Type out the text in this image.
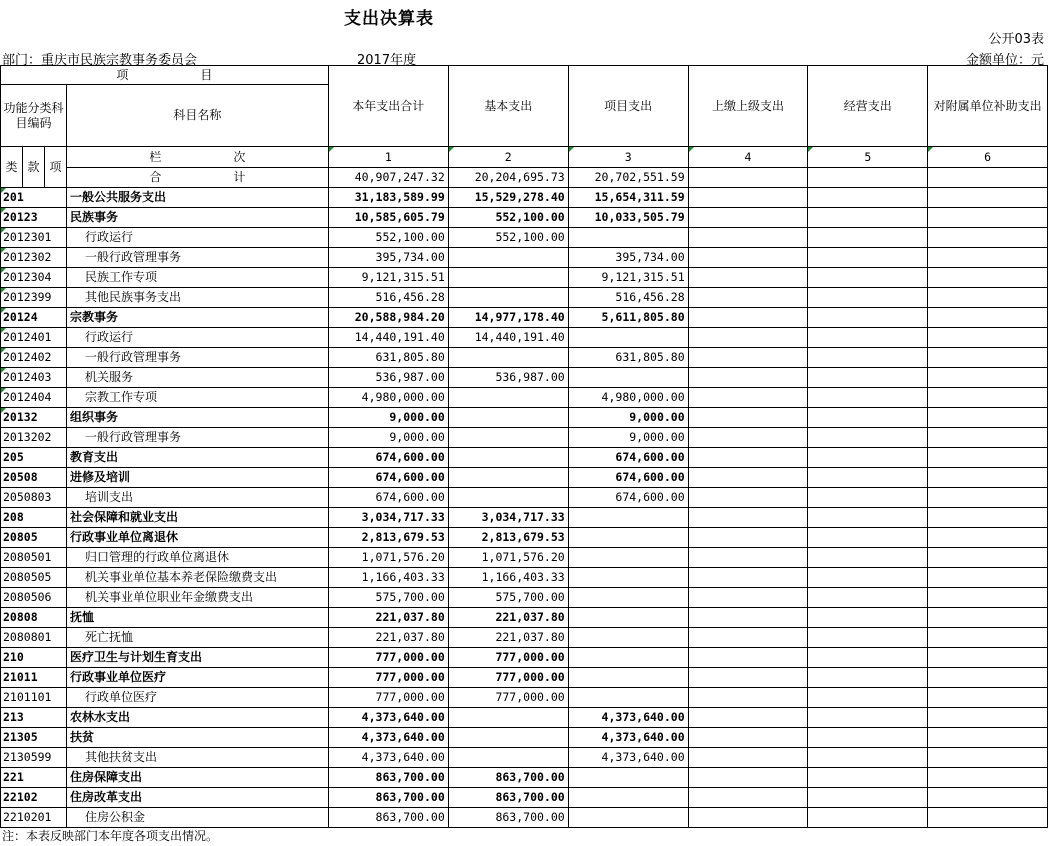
支出决算表
公开03表
部门：重庆市民族宗教事务委员会	2017年度	金额单位：元
项　　　　　　目				本年支出合计	基本支出	项目支出	上缴上级支出	经营支出	对附属单位补助支出
功能分类科目编码			科目名称						
类	款	项	栏　　　　　　次	1	2	3	4	5	6
			合　　　　　　计	40,907,247.32	20,204,695.73	20,702,551.59			
201			一般公共服务支出	31,183,589.99	15,529,278.40	15,654,311.59			
20123			民族事务	10,585,605.79	552,100.00	10,033,505.79			
2012301			行政运行	552,100.00	552,100.00				
2012302			一般行政管理事务	395,734.00		395,734.00			
2012304			民族工作专项	9,121,315.51		9,121,315.51			
2012399			其他民族事务支出	516,456.28		516,456.28			
20124			宗教事务	20,588,984.20	14,977,178.40	5,611,805.80			
2012401			行政运行	14,440,191.40	14,440,191.40				
2012402			一般行政管理事务	631,805.80		631,805.80			
2012403			机关服务	536,987.00	536,987.00				
2012404			宗教工作专项	4,980,000.00		4,980,000.00			
20132			组织事务	9,000.00		9,000.00			
2013202			一般行政管理事务	9,000.00		9,000.00			
205			教育支出	674,600.00		674,600.00			
20508			进修及培训	674,600.00		674,600.00			
2050803			培训支出	674,600.00		674,600.00			
208			社会保障和就业支出	3,034,717.33	3,034,717.33				
20805			行政事业单位离退休	2,813,679.53	2,813,679.53				
2080501			归口管理的行政单位离退休	1,071,576.20	1,071,576.20				
2080505			机关事业单位基本养老保险缴费支出	1,166,403.33	1,166,403.33				
2080506			机关事业单位职业年金缴费支出	575,700.00	575,700.00				
20808			抚恤	221,037.80	221,037.80				
2080801			死亡抚恤	221,037.80	221,037.80				
210			医疗卫生与计划生育支出	777,000.00	777,000.00				
21011			行政事业单位医疗	777,000.00	777,000.00				
2101101			行政单位医疗	777,000.00	777,000.00				
213			农林水支出	4,373,640.00		4,373,640.00			
21305			扶贫	4,373,640.00		4,373,640.00			
2130599			其他扶贫支出	4,373,640.00		4,373,640.00			
221			住房保障支出	863,700.00	863,700.00				
22102			住房改革支出	863,700.00	863,700.00				
2210201			住房公积金	863,700.00	863,700.00				
注：本表反映部门本年度各项支出情况。
